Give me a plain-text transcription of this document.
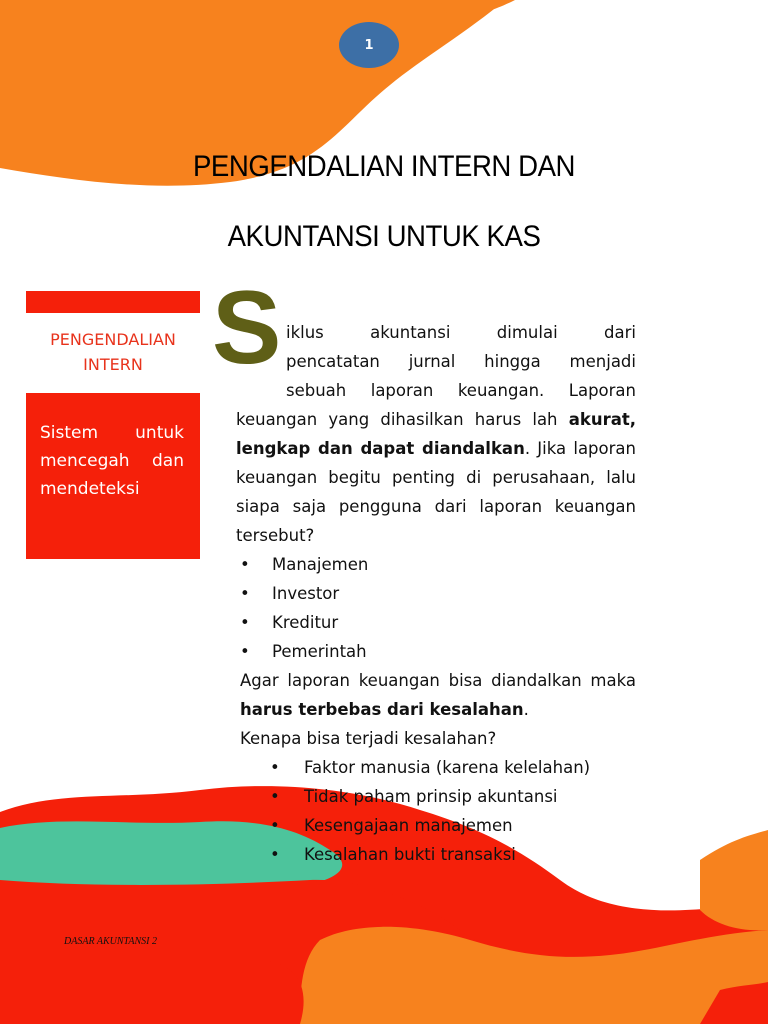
1
PENGENDALIAN INTERN DAN
AKUNTANSI UNTUK KAS
PENGENDALIAN
INTERN
Sistem untuk mencegah dan mendeteksi
S iklus akuntansi dimulai dari

pencatatan jurnal hingga menjadi

sebuah laporan keuangan. Laporan

keuangan yang dihasilkan harus lah akurat, lengkap dan dapat diandalkan. Jika laporan keuangan begitu penting di perusahaan, lalu siapa saja pengguna dari laporan keuangan tersebut?

• Manajemen
• Investor
• Kreditur
• Pemerintah

Agar laporan keuangan bisa diandalkan maka harus terbebas dari kesalahan.

Kenapa bisa terjadi kesalahan?

• Faktor manusia (karena kelelahan)
• Tidak paham prinsip akuntansi
• Kesengajaan manajemen
• Kesalahan bukti transaksi
DASAR AKUNTANSI 2
